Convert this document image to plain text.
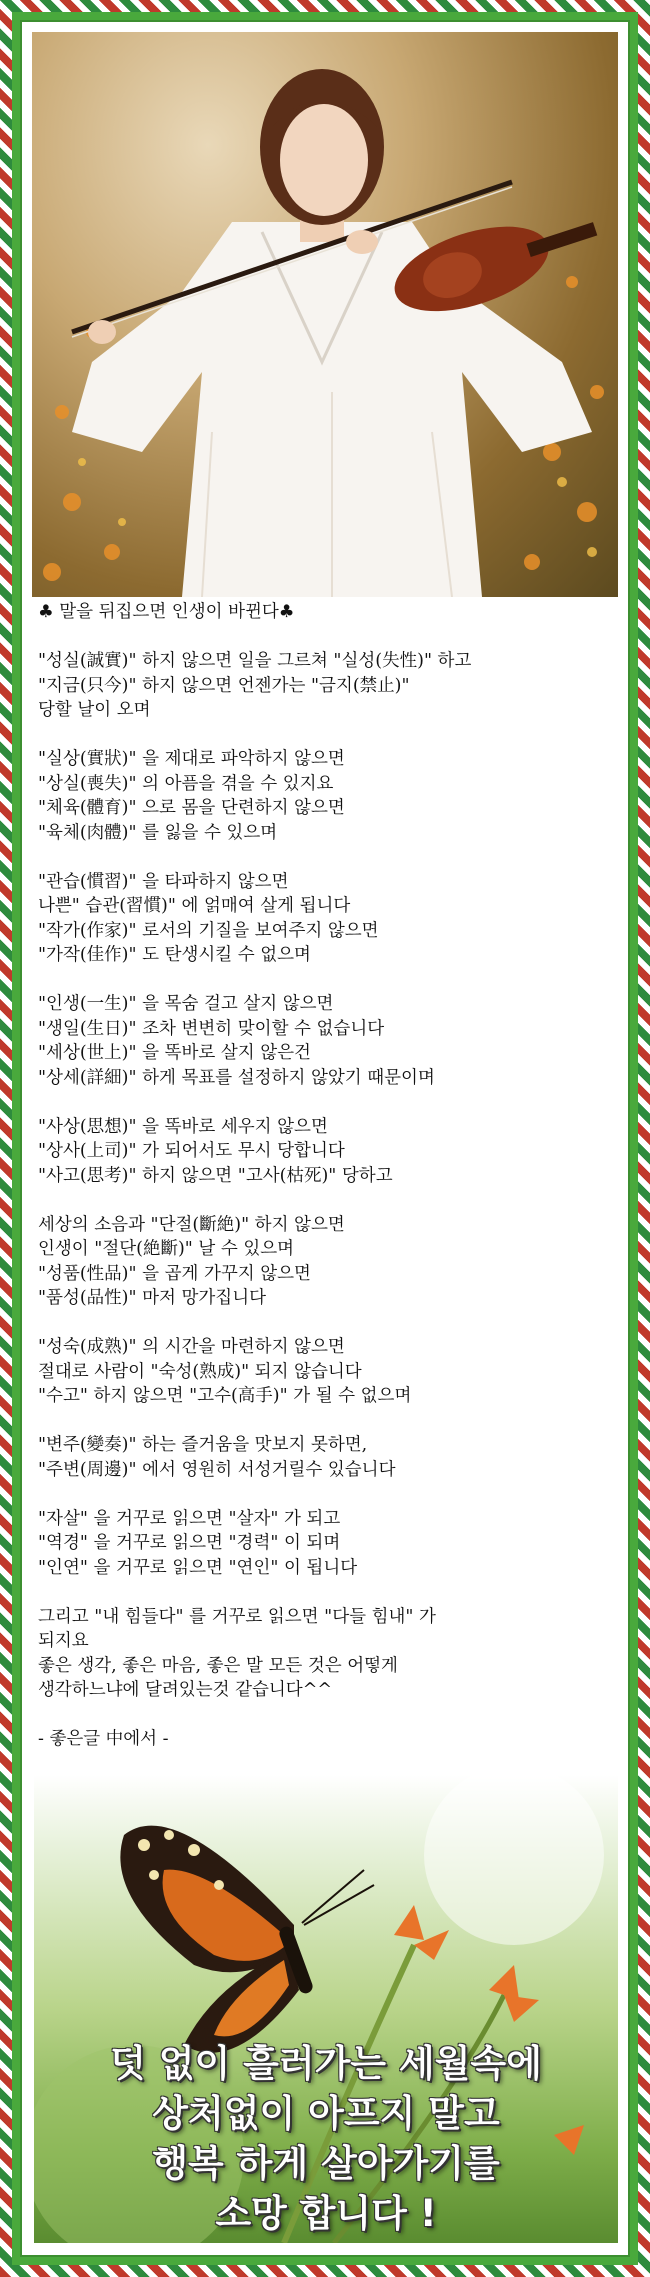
♣ 말을 뒤집으면 인생이 바뀐다♣
"성실(誠實)" 하지 않으면 일을 그르쳐 "실성(失性)" 하고
"지금(只今)" 하지 않으면 언젠가는 "금지(禁止)"
당할 날이 오며
"실상(實狀)" 을 제대로 파악하지 않으면
"상실(喪失)" 의 아픔을 겪을 수 있지요
"체육(體育)" 으로 몸을 단련하지 않으면
"육체(肉體)" 를 잃을 수 있으며
"관습(慣習)" 을 타파하지 않으면
나쁜" 습관(習慣)" 에 얽매여 살게 됩니다
"작가(作家)" 로서의 기질을 보여주지 않으면
"가작(佳作)" 도 탄생시킬 수 없으며
"인생(一生)" 을 목숨 걸고 살지 않으면
"생일(生日)" 조차 변변히 맞이할 수 없습니다
"세상(世上)" 을 똑바로 살지 않은건
"상세(詳細)" 하게 목표를 설정하지 않았기 때문이며
"사상(思想)" 을 똑바로 세우지 않으면
"상사(上司)" 가 되어서도 무시 당합니다
"사고(思考)" 하지 않으면 "고사(枯死)" 당하고
세상의 소음과 "단절(斷絶)" 하지 않으면
인생이 "절단(絶斷)" 날 수 있으며
"성품(性品)" 을 곱게 가꾸지 않으면
"품성(品性)" 마저 망가집니다
"성숙(成熟)" 의 시간을 마련하지 않으면
절대로 사람이 "숙성(熟成)" 되지 않습니다
"수고" 하지 않으면 "고수(高手)" 가 될 수 없으며
"변주(變奏)" 하는 즐거움을 맛보지 못하면,
"주변(周邊)" 에서 영원히 서성거릴수 있습니다
"자살" 을 거꾸로 읽으면 "살자" 가 되고
"역경" 을 거꾸로 읽으면 "경력" 이 되며
"인연" 을 거꾸로 읽으면 "연인" 이 됩니다
그리고 "내 힘들다" 를 거꾸로 읽으면 "다들 힘내" 가
되지요
좋은 생각, 좋은 마음, 좋은 말 모든 것은 어떻게
생각하느냐에 달려있는것 같습니다^^
- 좋은글 中에서 -
덧 없이 흘러가는 세월속에
상처없이 아프지 말고
행복 하게 살아가기를
소망 합니다 !
